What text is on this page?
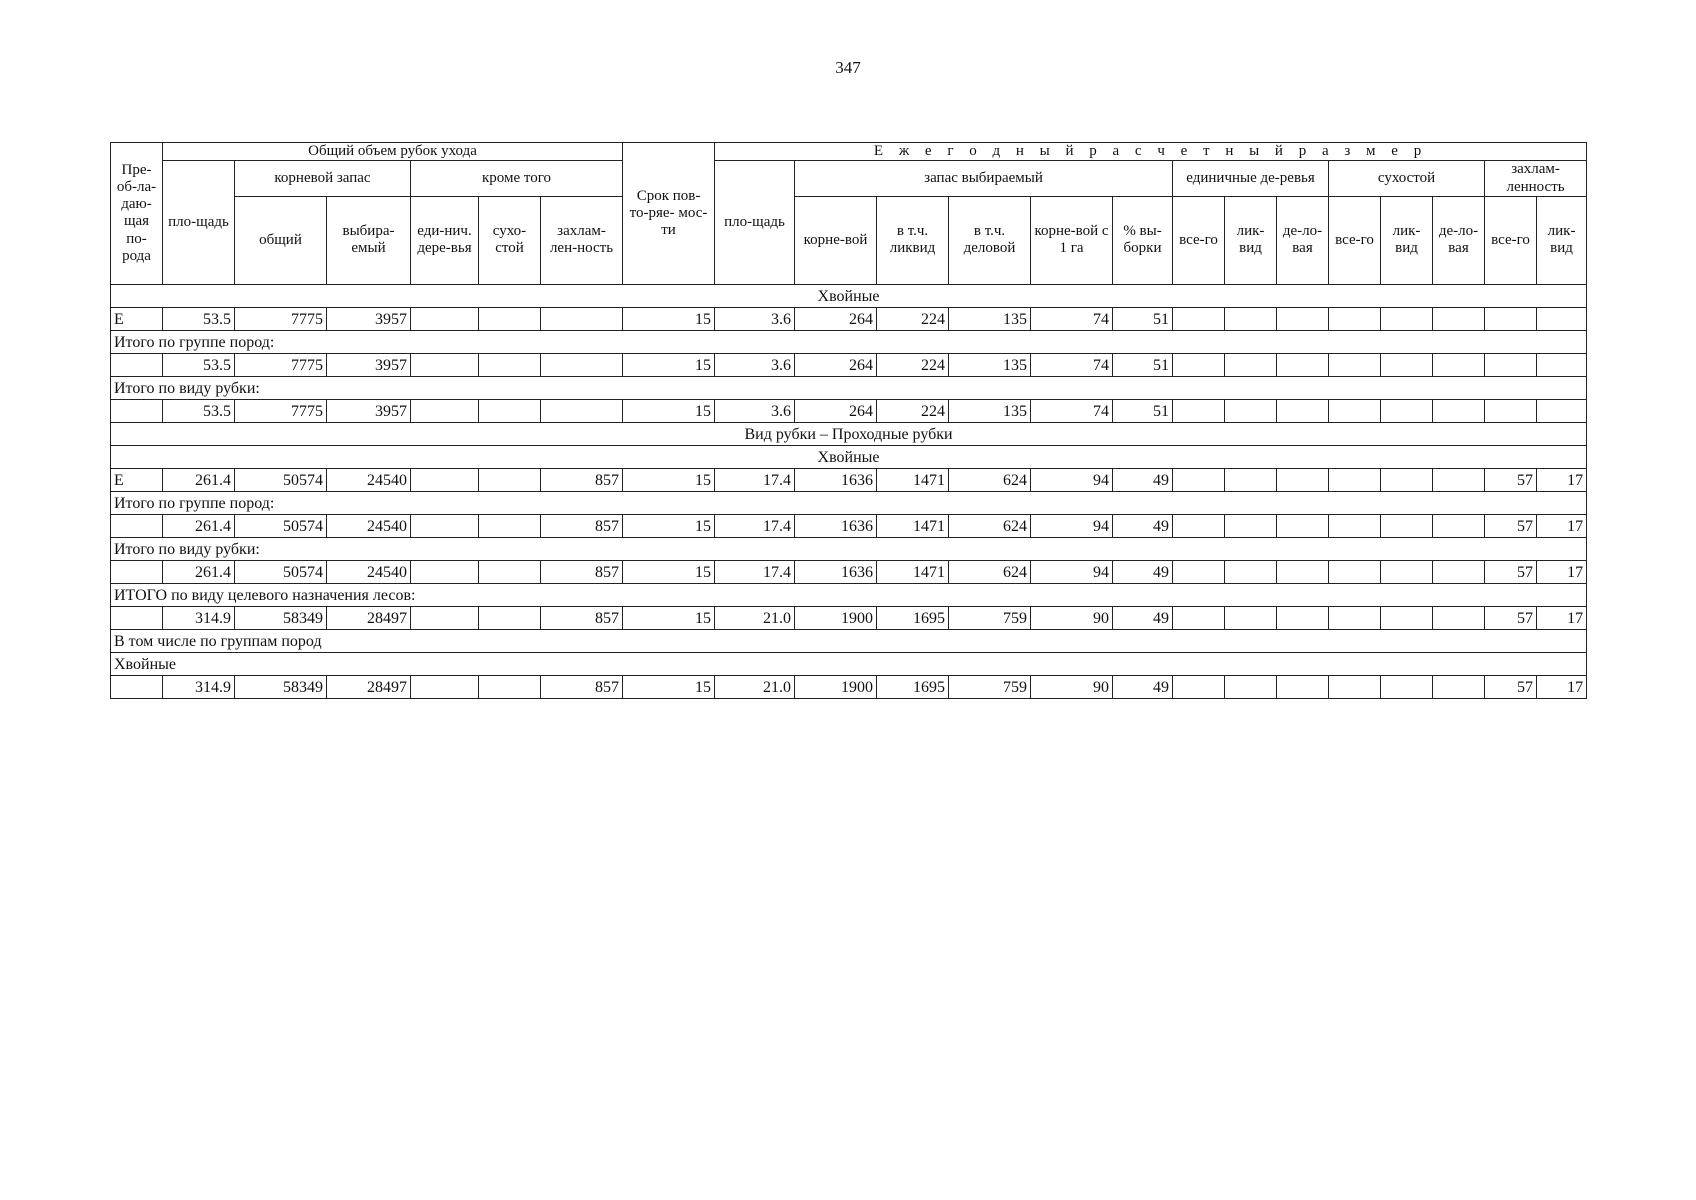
347
Пре-об-ла-даю-щая по-рода	Общий объем рубок ухода						Срок пов- то-ряе- мос-ти	Е ж е г о д н ы й р а с ч е т н ы й р а з м е р													
	пло-щадь	корневой запас		кроме того				пло-щадь	запас выбираемый					единичные де-ревья			сухостой			захлам-ленность	
		общий	выбира-емый	еди-нич. дере-вья	сухо-стой	захлам-лен-ность			корне-вой	в т.ч. ликвид	в т.ч. деловой	корне-вой с 1 га	% вы-борки	все-го	лик-вид	де-ло-вая	все-го	лик-вид	де-ло-вая	все-го	лик-вид
Хвойные																					
Е	53.5	7775	3957				15	3.6	264	224	135	74	51								
Итого по группе пород:																					
	53.5	7775	3957				15	3.6	264	224	135	74	51								
Итого по виду рубки:																					
	53.5	7775	3957				15	3.6	264	224	135	74	51								
Вид рубки – Проходные рубки																					
Хвойные																					
Е	261.4	50574	24540			857	15	17.4	1636	1471	624	94	49							57	17
Итого по группе пород:																					
	261.4	50574	24540			857	15	17.4	1636	1471	624	94	49							57	17
Итого по виду рубки:																					
	261.4	50574	24540			857	15	17.4	1636	1471	624	94	49							57	17
ИТОГО по виду целевого назначения лесов:																					
	314.9	58349	28497			857	15	21.0	1900	1695	759	90	49							57	17
В том числе по группам пород																					
Хвойные																					
	314.9	58349	28497			857	15	21.0	1900	1695	759	90	49							57	17
